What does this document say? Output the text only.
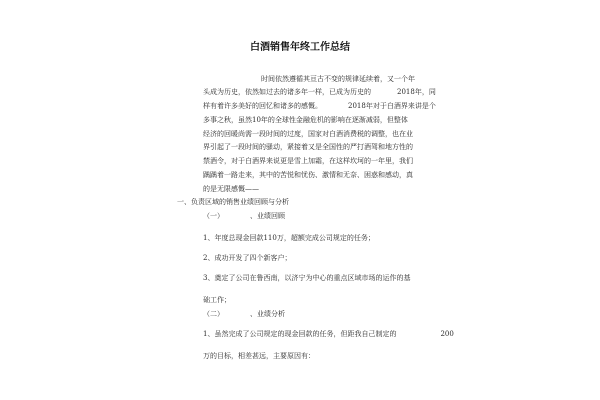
白酒销售年终工作总结
时间依然遵循其亘古不变的规律延续着，又一个年
头成为历史，依然如过去的诸多年一样，已成为历史的	2018年，同
样有着许多美好的回忆和诸多的感慨。	2018年对于白酒界来讲是个
多事之秋，虽然10年的全球性金融危机的影响在逐渐减弱，但整体
经济的回暖尚需一段时间的过度，国家对白酒消费税的调整，也在业
界引起了一段时间的骚动，紧接着又是全国性的严打酒驾和地方性的
禁酒令，对于白酒界来说更是雪上加霜，在这样坎坷的一年里，我们
踽踽着一路走来，其中的苦悦和忧伤、激情和无奈、困惑和感动，真
的是无限感慨——
一、负责区域的销售业绩回顾与分析
（一）	、业绩回顾
1、年度总现金回款110万，超额完成公司规定的任务；
2、成功开发了四个新客户；
3、奠定了公司在鲁西南，以济宁为中心的重点区域市场的运作的基
础工作；
（二）	、业绩分析
1、虽然完成了公司规定的现金回款的任务，但距我自己制定的	200
万的目标，相差甚远，主要原因有：
